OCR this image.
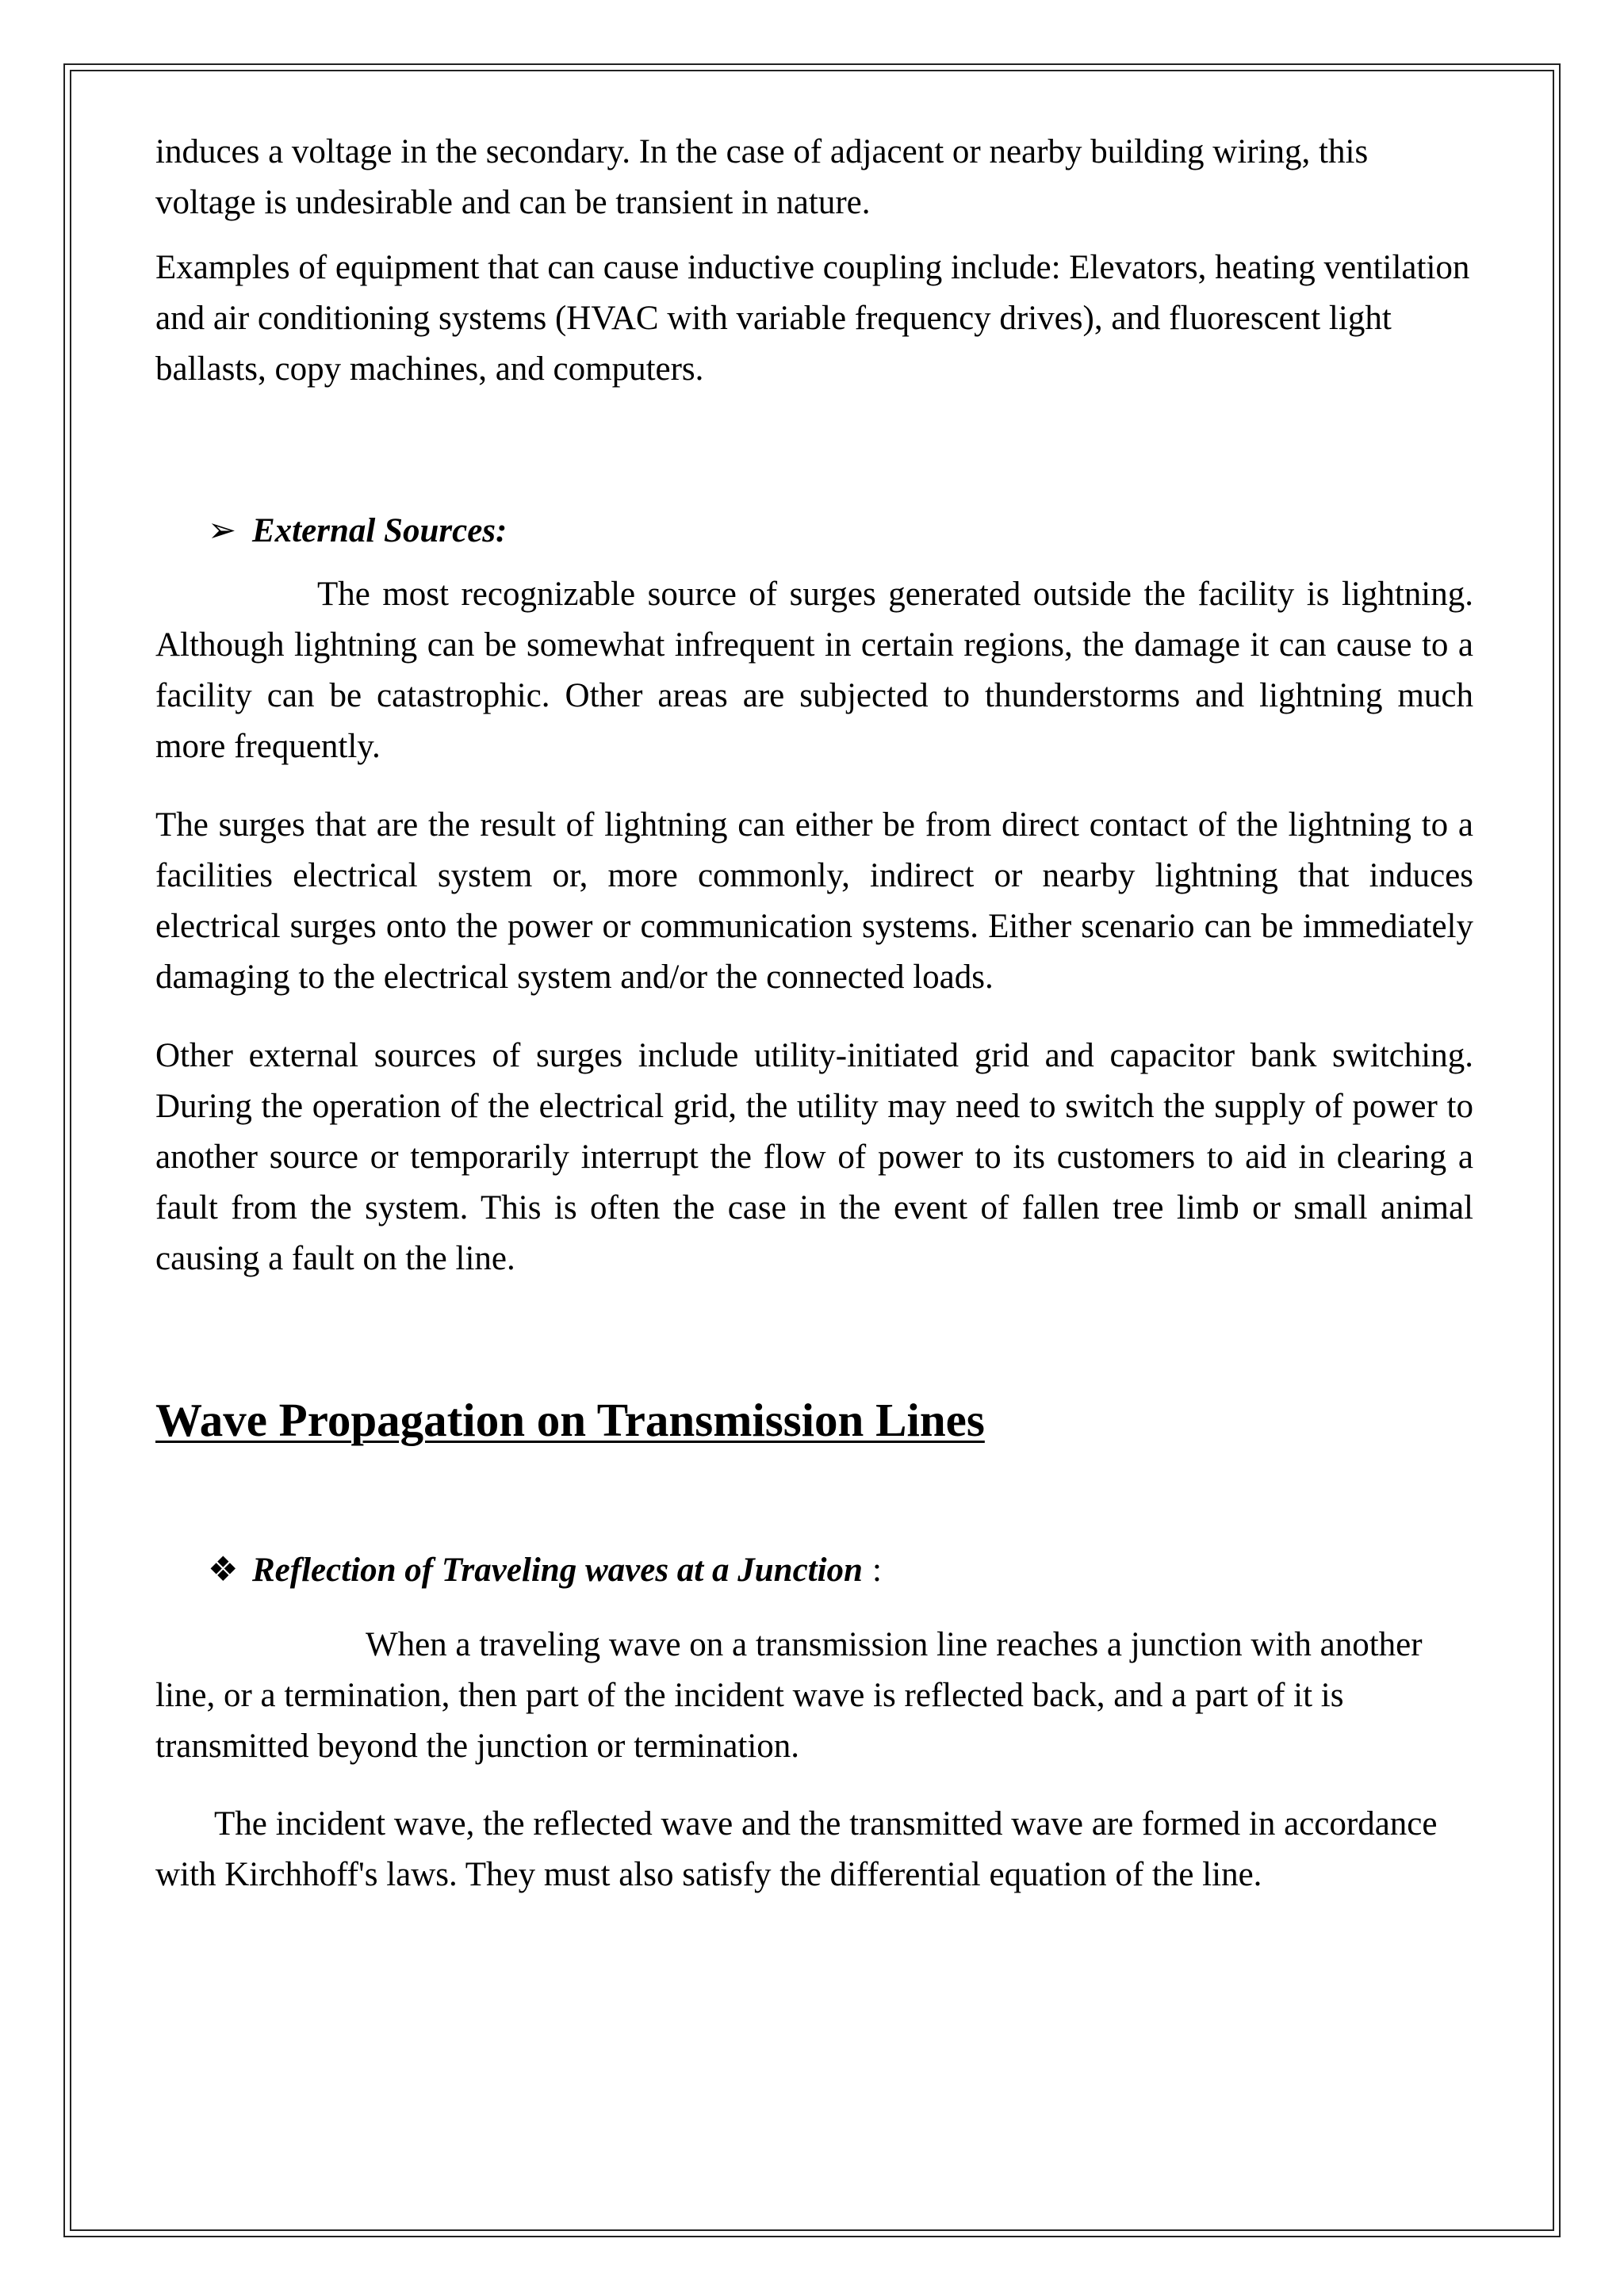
induces a voltage in the secondary. In the case of adjacent or nearby building wiring, this voltage is undesirable and can be transient in nature.

Examples of equipment that can cause inductive coupling include: Elevators, heating ventilation and air conditioning systems (HVAC with variable frequency drives), and fluorescent light ballasts, copy machines, and computers.

➢ External Sources:

The most recognizable source of surges generated outside the facility is lightning. Although lightning can be somewhat infrequent in certain regions, the damage it can cause to a facility can be catastrophic. Other areas are subjected to thunderstorms and lightning much more frequently.

The surges that are the result of lightning can either be from direct contact of the lightning to a facilities electrical system or, more commonly, indirect or nearby lightning that induces electrical surges onto the power or communication systems. Either scenario can be immediately damaging to the electrical system and/or the connected loads.

Other external sources of surges include utility-initiated grid and capacitor bank switching. During the operation of the electrical grid, the utility may need to switch the supply of power to another source or temporarily interrupt the flow of power to its customers to aid in clearing a fault from the system. This is often the case in the event of fallen tree limb or small animal causing a fault on the line.

Wave Propagation on Transmission Lines
❖ Reflection of Traveling waves at a Junction :

When a traveling wave on a transmission line reaches a junction with another line, or a termination, then part of the incident wave is reflected back, and a part of it is transmitted beyond the junction or termination.

The incident wave, the reflected wave and the transmitted wave are formed in accordance with Kirchhoff's laws. They must also satisfy the differential equation of the line.
